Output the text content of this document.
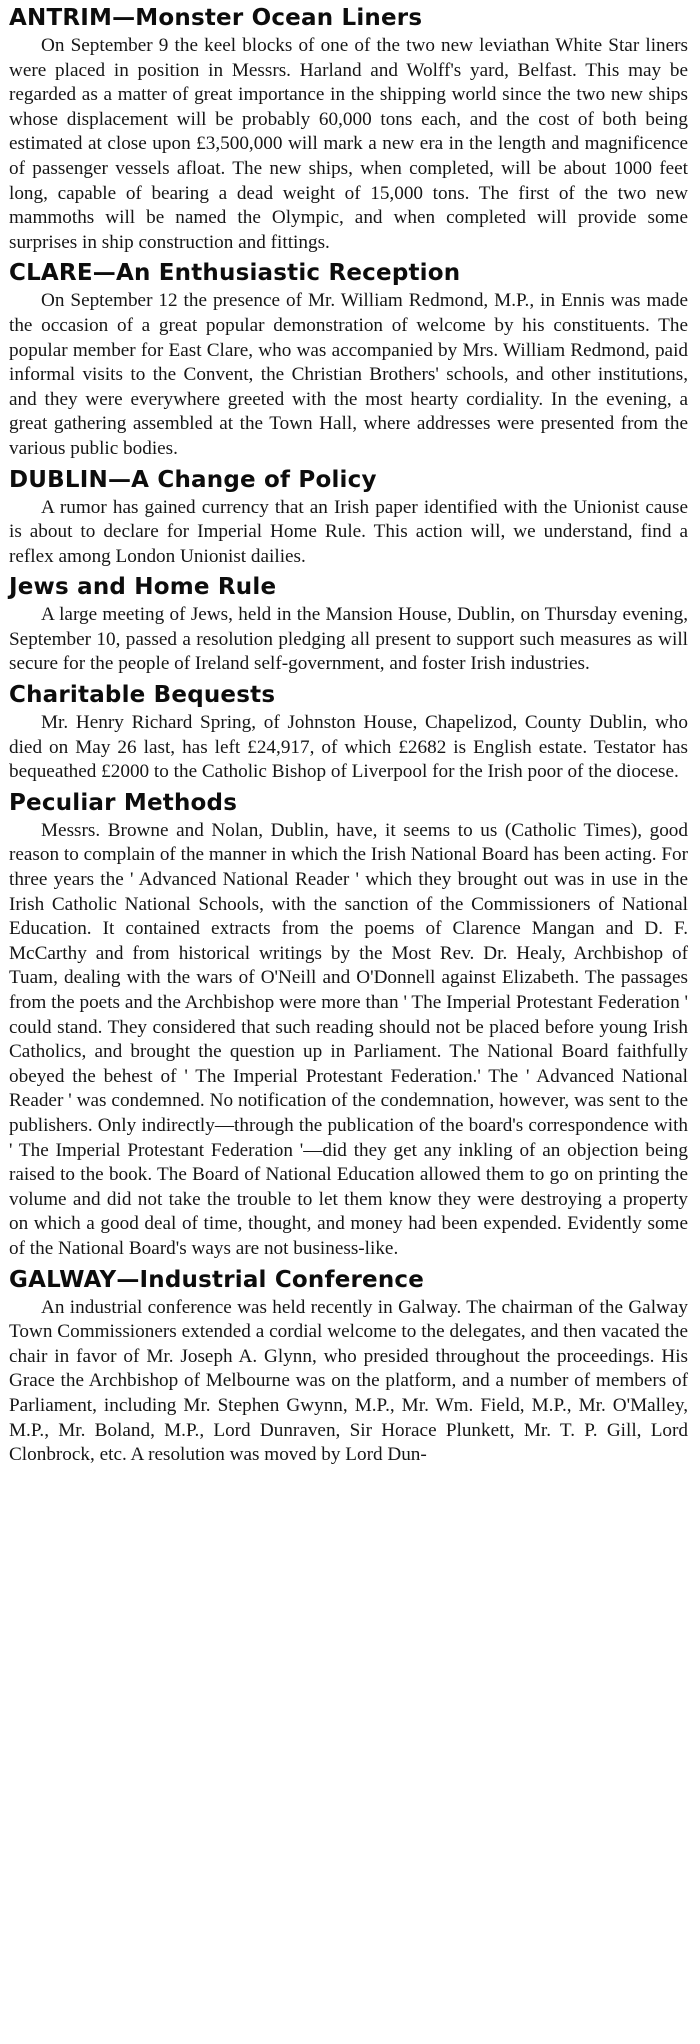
ANTRIM—Monster Ocean Liners

On September 9 the keel blocks of one of the two new leviathan White Star liners were placed in position in Messrs. Harland and Wolff's yard, Belfast. This may be regarded as a matter of great importance in the shipping world since the two new ships whose displacement will be probably 60,000 tons each, and the cost of both being estimated at close upon £3,500,000 will mark a new era in the length and magnificence of passenger vessels afloat. The new ships, when completed, will be about 1000 feet long, capable of bearing a dead weight of 15,000 tons. The first of the two new mammoths will be named the Olympic, and when completed will provide some surprises in ship construction and fittings.

CLARE—An Enthusiastic Reception

On September 12 the presence of Mr. William Redmond, M.P., in Ennis was made the occasion of a great popular demonstration of welcome by his constituents. The popular member for East Clare, who was accompanied by Mrs. William Redmond, paid informal visits to the Convent, the Christian Brothers' schools, and other institutions, and they were everywhere greeted with the most hearty cordiality. In the evening, a great gathering assembled at the Town Hall, where addresses were presented from the various public bodies.

DUBLIN—A Change of Policy

A rumor has gained currency that an Irish paper identified with the Unionist cause is about to declare for Imperial Home Rule. This action will, we understand, find a reflex among London Unionist dailies.

Jews and Home Rule

A large meeting of Jews, held in the Mansion House, Dublin, on Thursday evening, September 10, passed a resolution pledging all present to support such measures as will secure for the people of Ireland self-government, and foster Irish industries.

Charitable Bequests

Mr. Henry Richard Spring, of Johnston House, Chapelizod, County Dublin, who died on May 26 last, has left £24,917, of which £2682 is English estate. Testator has bequeathed £2000 to the Catholic Bishop of Liverpool for the Irish poor of the diocese.

Peculiar Methods

Messrs. Browne and Nolan, Dublin, have, it seems to us (Catholic Times), good reason to complain of the manner in which the Irish National Board has been acting. For three years the ' Advanced National Reader ' which they brought out was in use in the Irish Catholic National Schools, with the sanction of the Commissioners of National Education. It contained extracts from the poems of Clarence Mangan and D. F. McCarthy and from historical writings by the Most Rev. Dr. Healy, Archbishop of Tuam, dealing with the wars of O'Neill and O'Donnell against Elizabeth. The passages from the poets and the Archbishop were more than ' The Imperial Protestant Federation ' could stand. They considered that such reading should not be placed before young Irish Catholics, and brought the question up in Parliament. The National Board faithfully obeyed the behest of ' The Imperial Protestant Federation.' The ' Advanced National Reader ' was condemned. No notification of the condemnation, however, was sent to the publishers. Only indirectly—through the publication of the board's correspondence with ' The Imperial Protestant Federation '—did they get any inkling of an objection being raised to the book. The Board of National Education allowed them to go on printing the volume and did not take the trouble to let them know they were destroying a property on which a good deal of time, thought, and money had been expended. Evidently some of the National Board's ways are not business-like.

GALWAY—Industrial Conference

An industrial conference was held recently in Galway. The chairman of the Galway Town Commissioners extended a cordial welcome to the delegates, and then vacated the chair in favor of Mr. Joseph A. Glynn, who presided throughout the proceedings. His Grace the Archbishop of Melbourne was on the platform, and a number of members of Parliament, including Mr. Stephen Gwynn, M.P., Mr. Wm. Field, M.P., Mr. O'Malley, M.P., Mr. Boland, M.P., Lord Dunraven, Sir Horace Plunkett, Mr. T. P. Gill, Lord Clonbrock, etc. A resolution was moved by Lord Dun-
